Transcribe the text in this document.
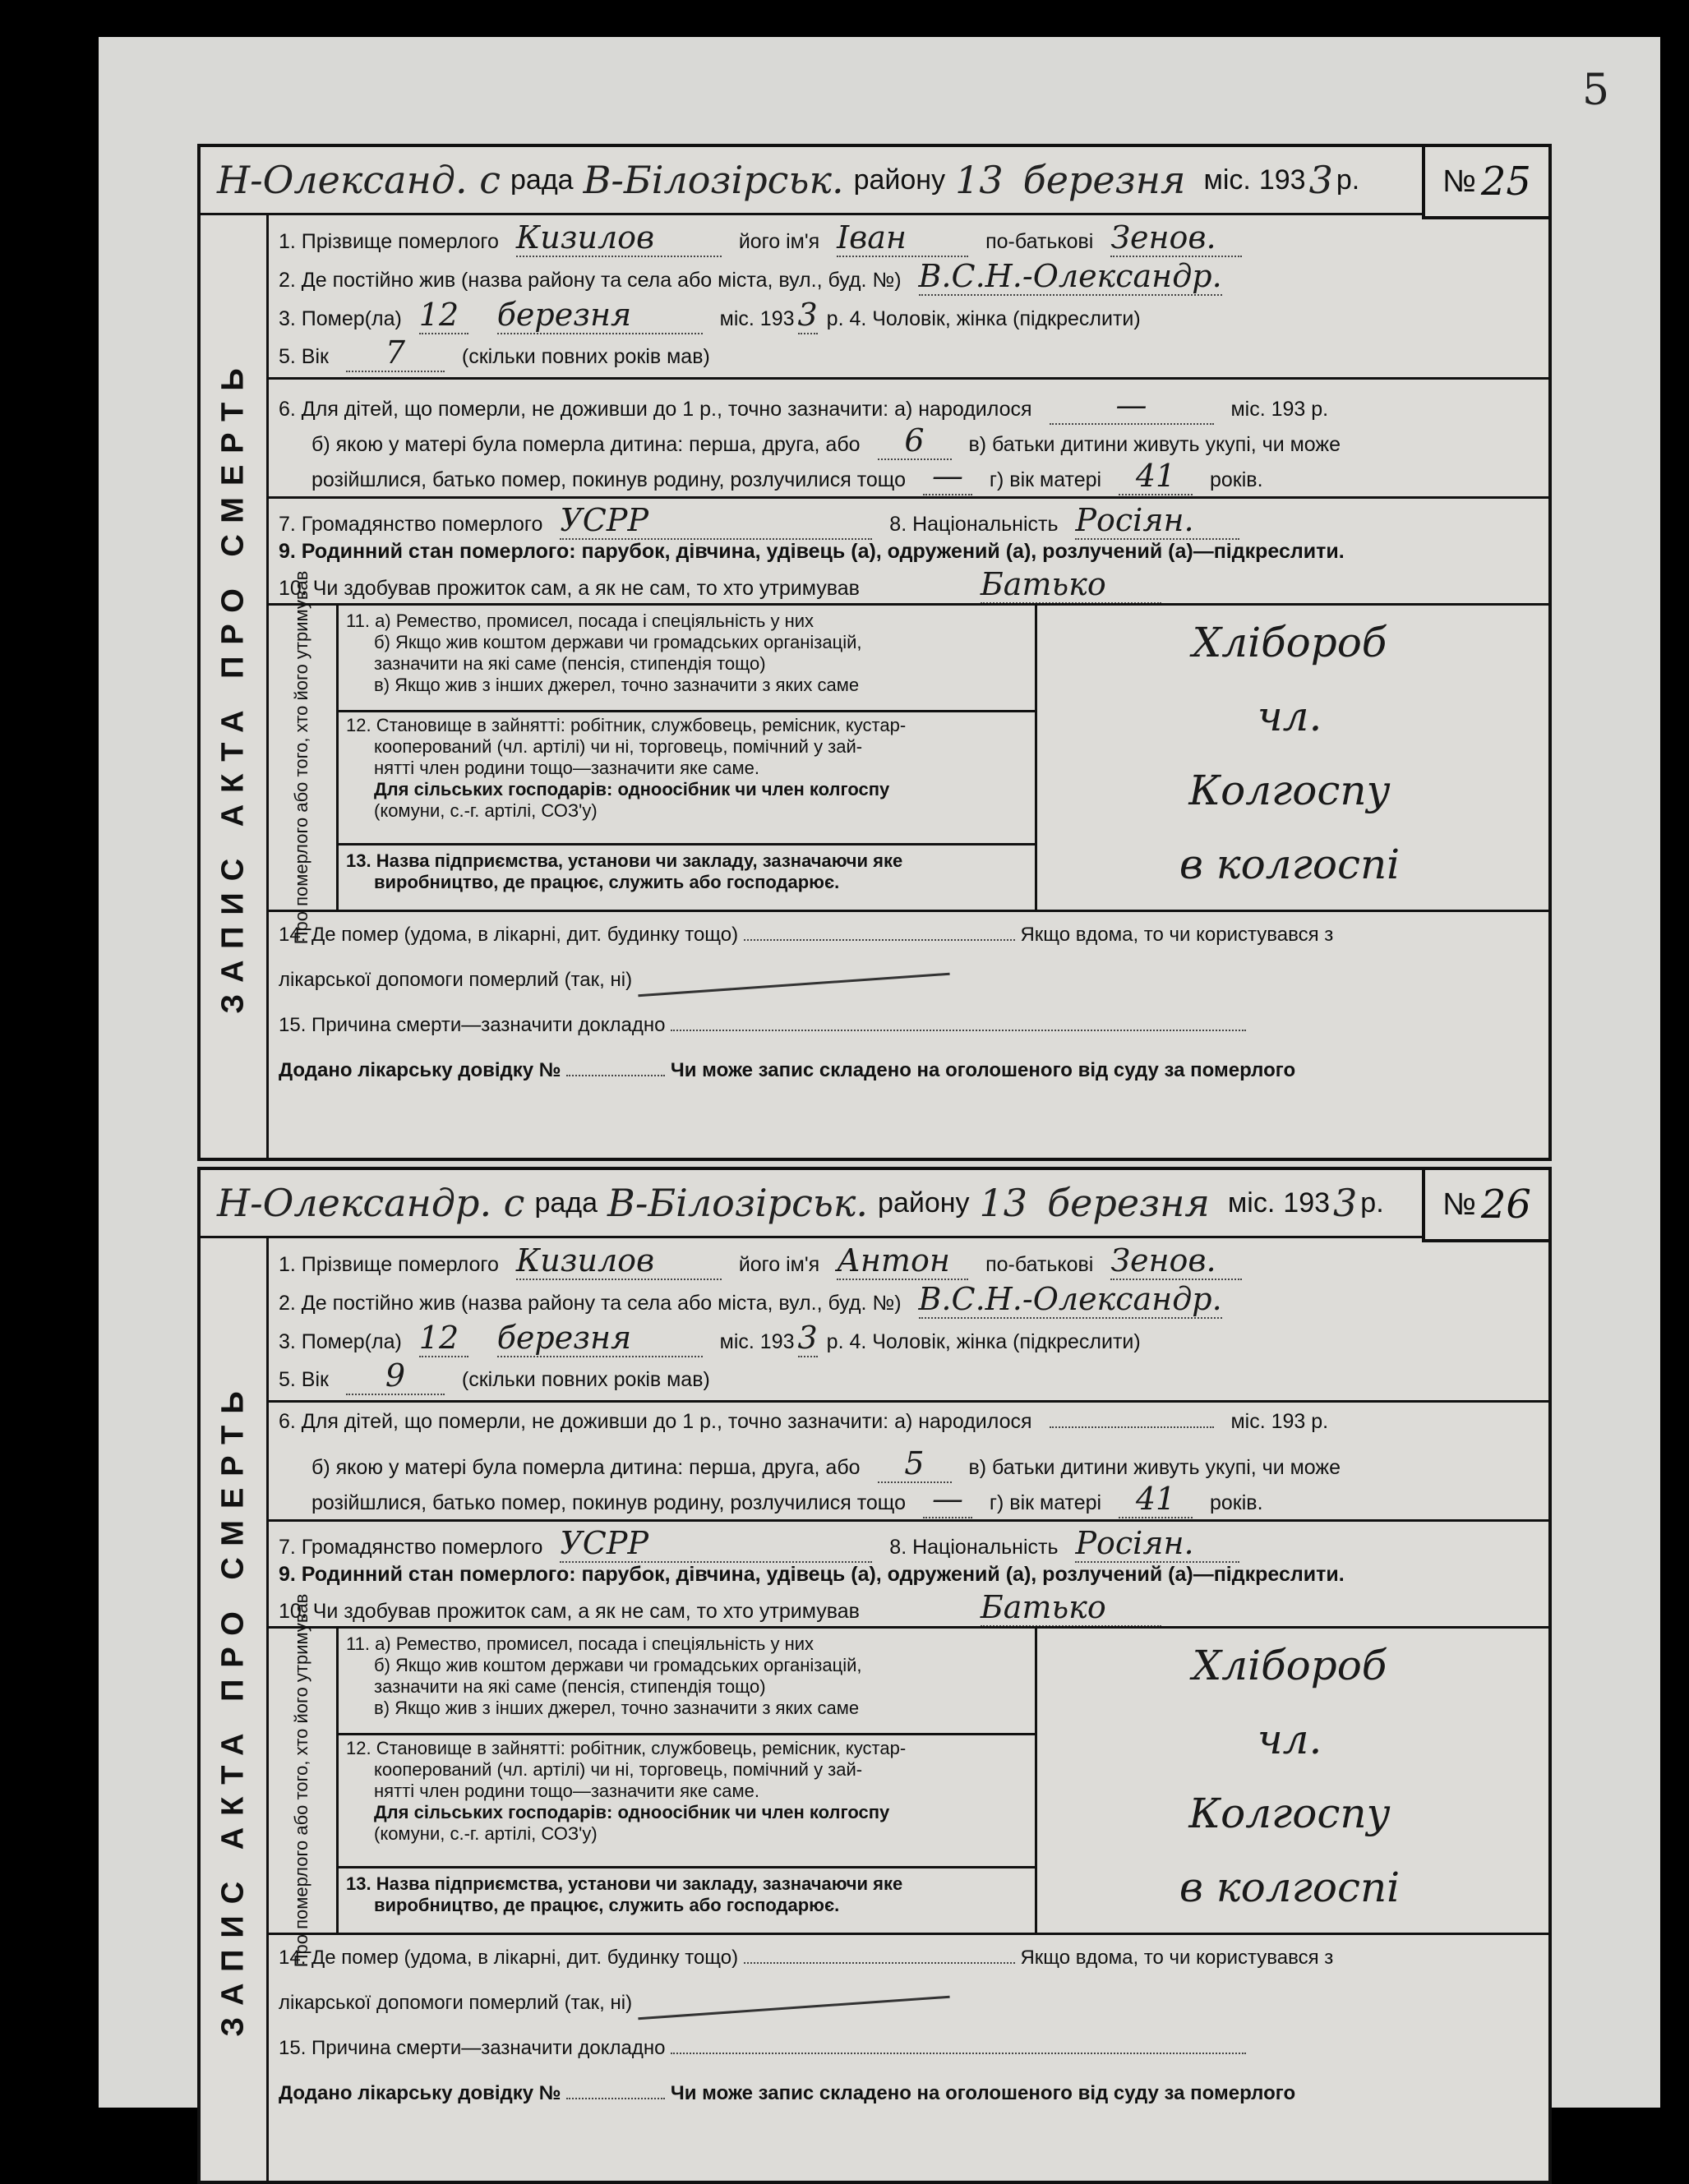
5
Н-Олександ. с рада В-Білозірськ. району 13 березня міс. 193 3 р.	№ 25
ЗАПИС АКТА ПРО СМЕРТЬ
1. Прізвище померлого Кизилов	його ім'я Іван	по-батькові Зенов.
2. Де постійно жив (назва району та села або міста, вул., буд. №) В.С.Н.-Олександр.
3. Помер(ла) 12 березня	міс. 193 3 р. 4. Чоловік, жінка (підкреслити)
5. Вік 7	(скільки повних років мав)
6. Для дітей, що померли, не доживши до 1 р., точно зазначити: а) народилося	—	міс. 193 р.
б) якою у матері була померла дитина: перша, друга, або 6 в) батьки дитини живуть укупі, чи може
розійшлися, батько помер, покинув родину, розлучилися тощо — г) вік матері 41 років.
7. Громадянство померлого УСРР	8. Національність Росіян.
9. Родинний стан померлого: парубок, дівчина, удівець (а), одружений (а), розлучений (а)—підкреслити.
10. Чи здобував прожиток сам, а як не сам, то хто утримував	Батько
Про померлого або того, хто його утримував 11. а) Ремество, промисел, посада і спеціяльність у них
б) Якщо жив коштом держави чи громадських організацій,
зазначити на які саме (пенсія, стипендія тощо)
в) Якщо жив з інших джерел, точно зазначити з яких саме
12. Становище в зайнятті: робітник, службовець, ремісник, кустар-
кооперований (чл. артілі) чи ні, торговець, помічний у зай-
нятті член родини тощо—зазначити яке саме.
Для сільських господарів: одноосібник чи член колгоспу
(комуни, с.-г. артілі, СОЗ'у)
13. Назва підприємства, установи чи закладу, зазначаючи яке
виробництво, де працює, служить або господарює.
Хлібороб
чл.
Колгоспу
в колгоспі
14. Де помер (удома, в лікарні, дит. будинку тощо)	Якщо вдома, то чи користувався з
лікарської допомоги померлий (так, ні)
15. Причина смерти—зазначити докладно
Додано лікарську довідку №	Чи може запис складено на оголошеного від суду за померлого
Н-Олександр. с рада В-Білозірськ. району 13 березня міс. 193 3 р. № 26
ЗАПИС АКТА ПРО СМЕРТЬ
1. Прізвище померлого Кизилов	його ім'я Антон по-батькові Зенов.
2. Де постійно жив (назва району та села або міста, вул., буд. №) В.С.Н.-Олександр.
3. Помер(ла) 12 березня	міс. 193 3 р. 4. Чоловік, жінка (підкреслити)
5. Вік 9	(скільки повних років мав)
6. Для дітей, що померли, не доживши до 1 р., точно зазначити: а) народилося	міс. 193 р.
б) якою у матері була померла дитина: перша, друга, або 5 в) батьки дитини живуть укупі, чи може
розійшлися, батько помер, покинув родину, розлучилися тощо — г) вік матері 41 років.
7. Громадянство померлого УСРР	8. Національність Росіян.
9. Родинний стан померлого: парубок, дівчина, удівець (а), одружений (а), розлучений (а)—підкреслити.
10. Чи здобував прожиток сам, а як не сам, то хто утримував	Батько
Про померлого або того, хто його утримував 11. а) Ремество, промисел, посада і спеціяльність у них
б) Якщо жив коштом держави чи громадських організацій,
зазначити на які саме (пенсія, стипендія тощо)
в) Якщо жив з інших джерел, точно зазначити з яких саме
12. Становище в зайнятті: робітник, службовець, ремісник, кустар-
кооперований (чл. артілі) чи ні, торговець, помічний у зай-
нятті член родини тощо—зазначити яке саме.
Для сільських господарів: одноосібник чи член колгоспу
(комуни, с.-г. артілі, СОЗ'у)
13. Назва підприємства, установи чи закладу, зазначаючи яке
виробництво, де працює, служить або господарює.
Хлібороб
чл.
Колгоспу
в колгоспі
14. Де помер (удома, в лікарні, дит. будинку тощо)	Якщо вдома, то чи користувався з
лікарської допомоги померлий (так, ні)
15. Причина смерти—зазначити докладно
Додано лікарську довідку №	Чи може запис складено на оголошеного від суду за померлого
